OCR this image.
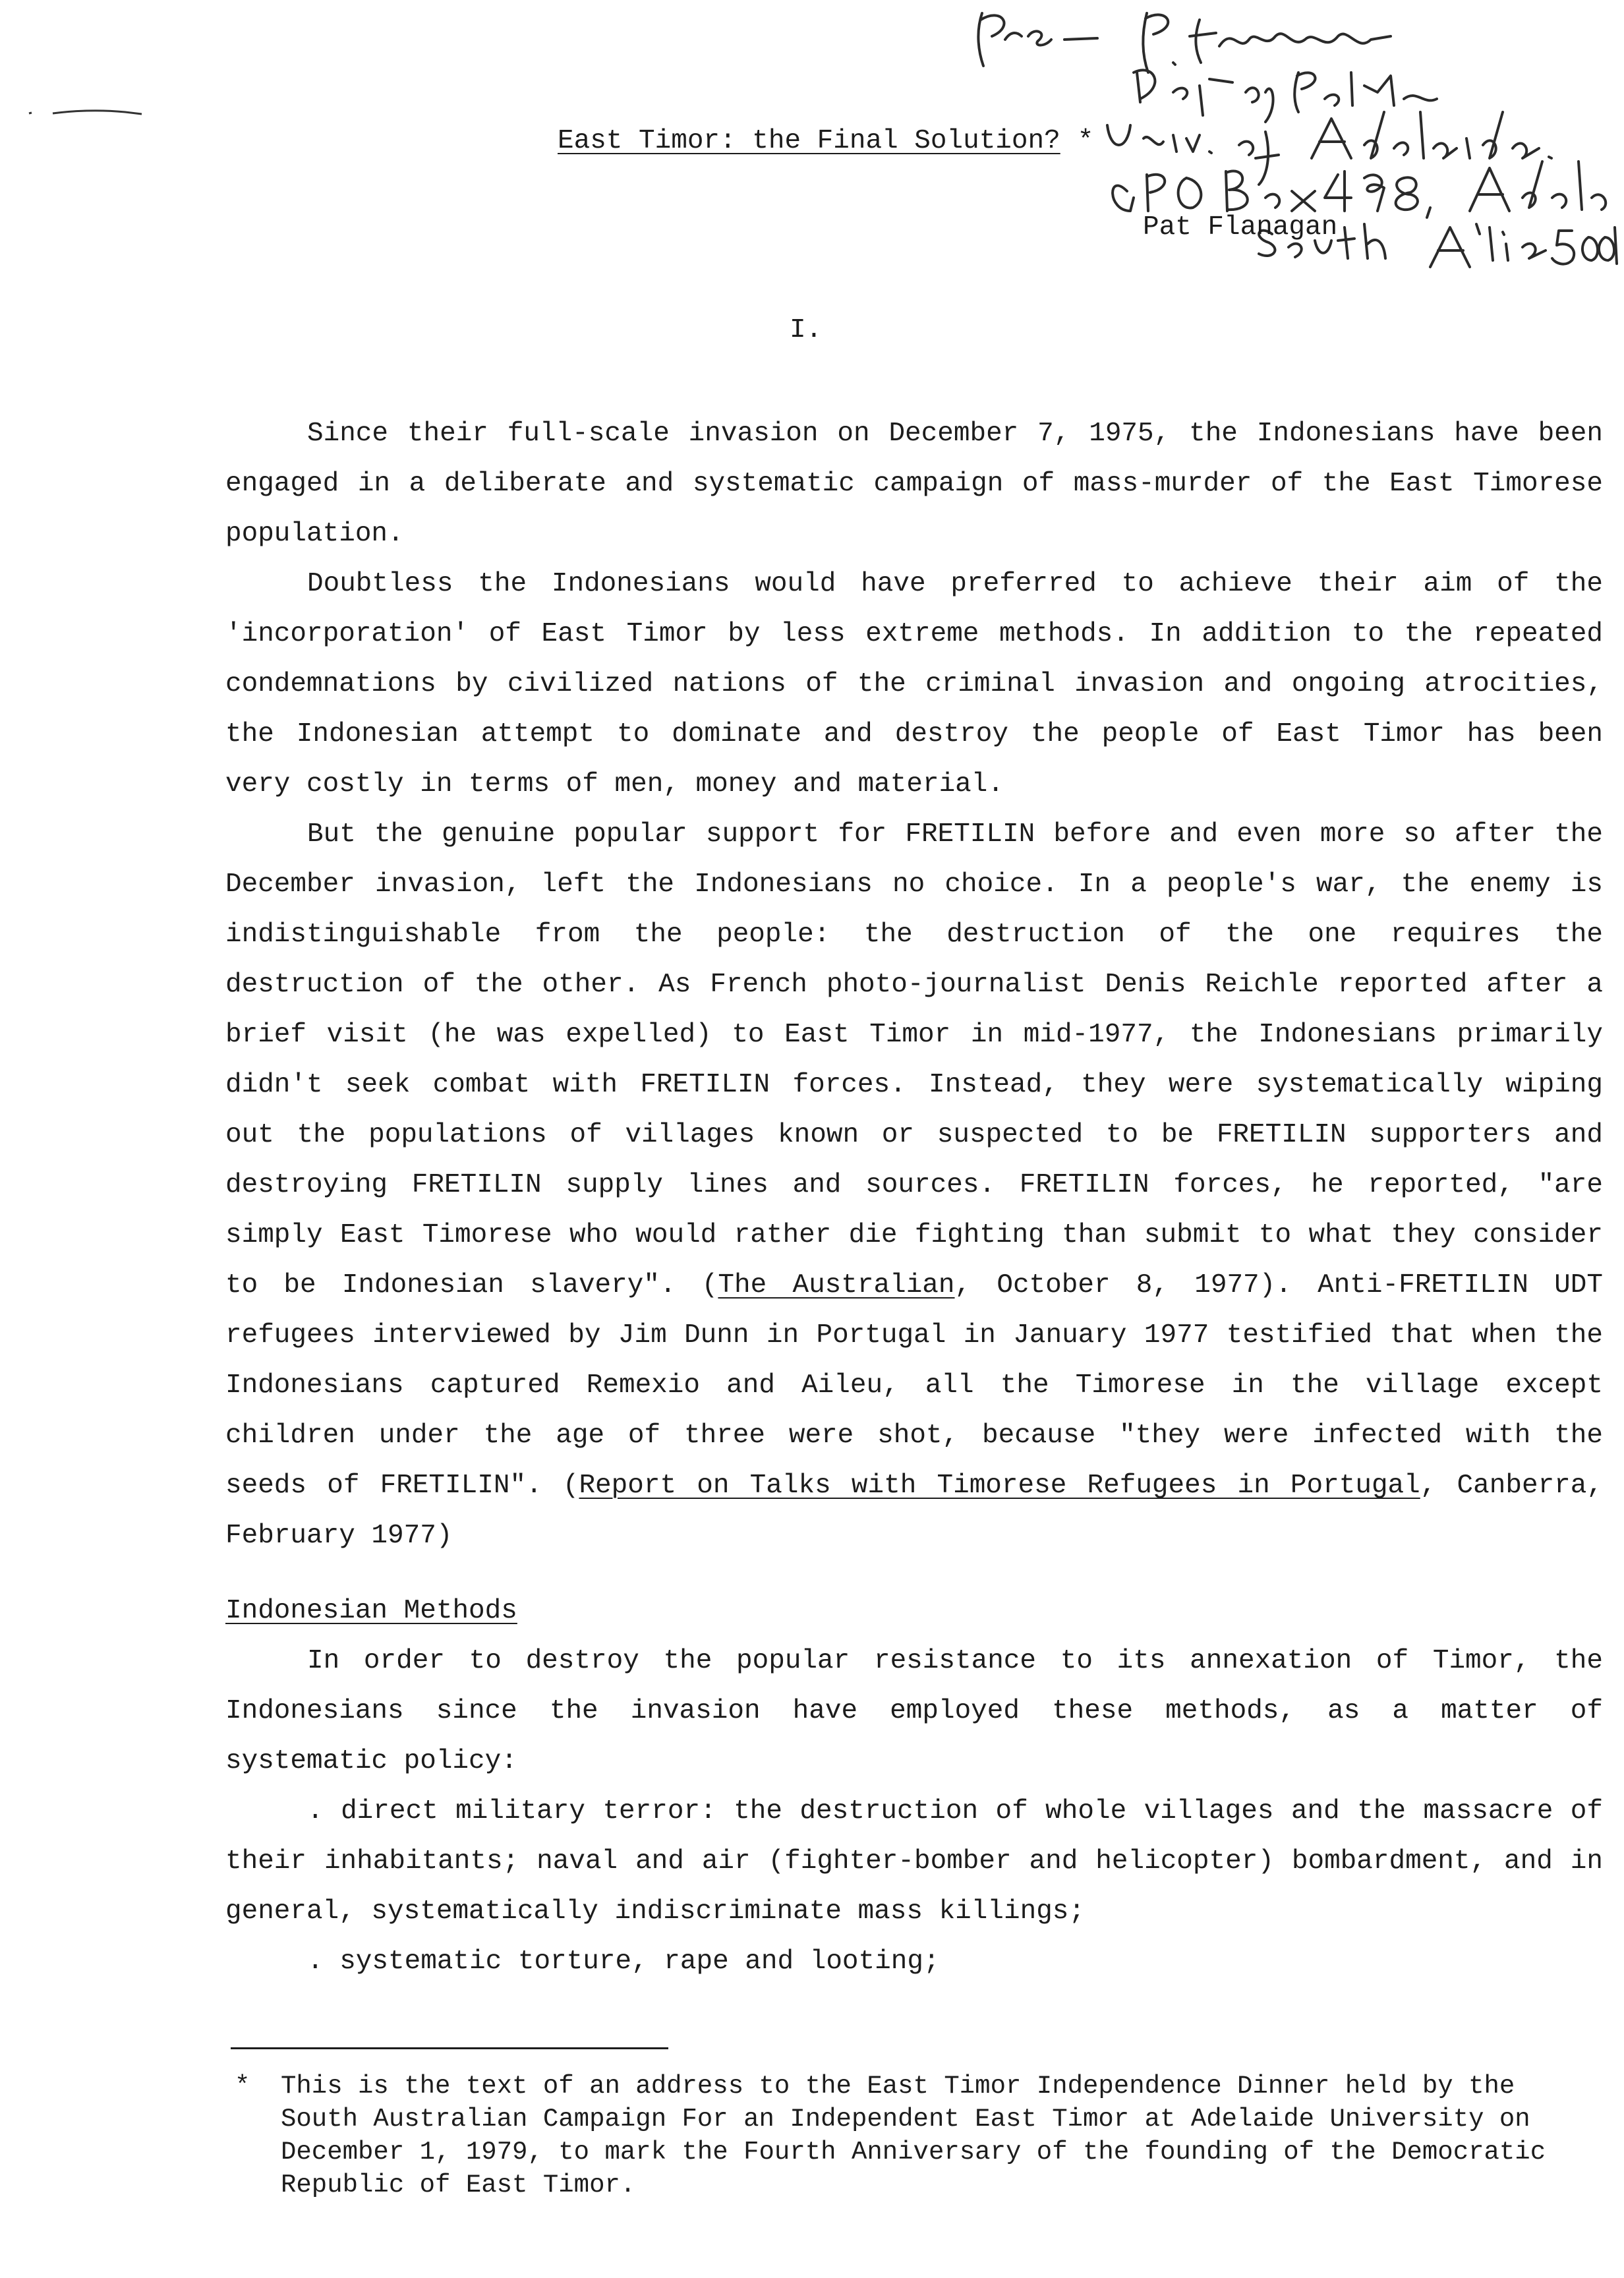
East Timor: the Final Solution? *
Pat Flanagan
I.

Since their full-scale invasion on December 7, 1975, the Indonesians have been engaged in a deliberate and systematic campaign of mass-murder of the East Timorese population.

Doubtless the Indonesians would have preferred to achieve their aim of the 'incorporation' of East Timor by less extreme methods. In addition to the repeated condemnations by civilized nations of the criminal invasion and ongoing atrocities, the Indonesian attempt to dominate and destroy the people of East Timor has been very costly in terms of men, money and material.

But the genuine popular support for FRETILIN before and even more so after the December invasion, left the Indonesians no choice. In a people's war, the enemy is indistinguishable from the people: the destruction of the one requires the destruction of the other. As French photo-journalist Denis Reichle reported after a brief visit (he was expelled) to East Timor in mid-1977, the Indonesians primarily didn't seek combat with FRETILIN forces. Instead, they were systematically wiping out the populations of villages known or suspected to be FRETILIN supporters and destroying FRETILIN supply lines and sources. FRETILIN forces, he reported, "are simply East Timorese who would rather die fighting than submit to what they consider to be Indonesian slavery". (The Australian, October 8, 1977). Anti-FRETILIN UDT refugees interviewed by Jim Dunn in Portugal in January 1977 testified that when the Indonesians captured Remexio and Aileu, all the Timorese in the village except children under the age of three were shot, because "they were infected with the seeds of FRETILIN". (Report on Talks with Timorese Refugees in Portugal, Canberra, February 1977)

Indonesian Methods

In order to destroy the popular resistance to its annexation of Timor, the Indonesians since the invasion have employed these methods, as a matter of systematic policy:

. direct military terror: the destruction of whole villages and the massacre of their inhabitants; naval and air (fighter-bomber and helicopter) bombardment, and in general, systematically indiscriminate mass killings;

. systematic torture, rape and looting;

* This is the text of an address to the East Timor Independence Dinner held by the South Australian Campaign For an Independent East Timor at Adelaide University on December 1, 1979, to mark the Fourth Anniversary of the founding of the Democratic Republic of East Timor.
